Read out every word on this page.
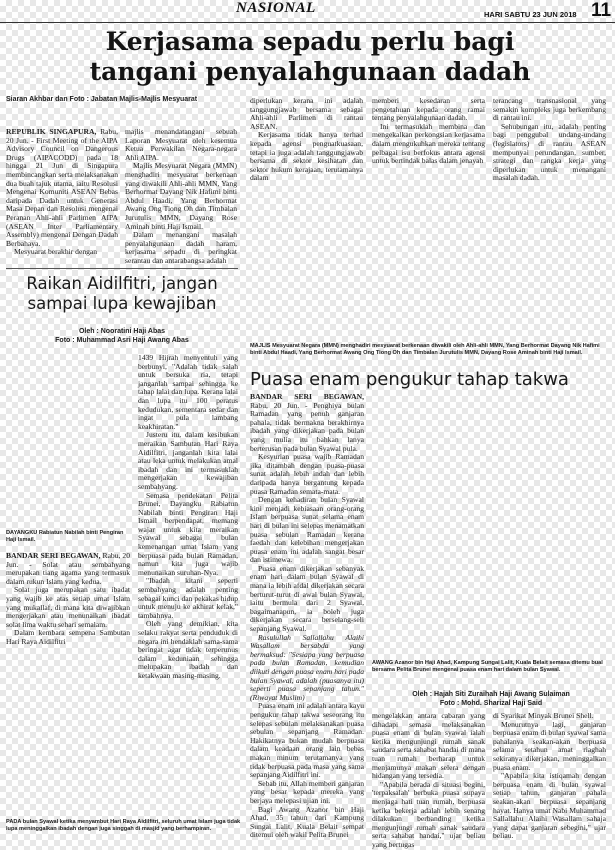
NASIONAL	HARI SABTU 23 JUN 2018 11
Kerjasama sepadu perlu bagi
tangani penyalahgunaan dadah
Siaran Akhbar dan Foto : Jabatan Majlis-Majlis Mesyuarat

REPUBLIK SINGAPURA, Rabu, 20 Jun. - First Meeting of the AIPA Advisory Council on Dangerous Drugs (AIPACODD) pada 18 hingga 21 Jun di Singapura membincangkan serta melaksanakan dua buah tajuk utama, iaitu Resolusi Mengenai Komuniti ASEAN Bebas daripada Dadah untuk Generasi Masa Depan dan Resolusi mengenai Peranan Ahli-ahli Parlimen AIPA (ASEAN Inter Parliamentary Assembly) mengenai Dengan Dadah Berbahaya.

Mesyuarat berakhir dengan

majlis menandatangani sebuah Laporan Mesyuarat oleh kesemua Ketua Perwakilan Negara-negara Ahli AIPA.

Majlis Mesyuarat Negara (MMN) menghadiri mesyuarat berkenaan yang diwakili Ahli-ahli MMN, Yang Berhormat Dayang Nik Hafimi binti Abdul Haadi, Yang Berhormat Awang Ong Tiong Oh dan Timbalan Jurutulis MMN, Dayang Rose Aminah binti Haji Ismail.

Dalam menangani masalah penyalahgunaan dadah haram, kerjasama sepadu di peringkat serantau dan antarabangsa adalah

diperlukan kerana ini adalah tanggungjawab bersama sebagai Ahli-ahli Parlimen di rantau ASEAN.

Kerjasama tidak hanya terhad kepada agensi penguatkuasaan, tetapi ia juga adalah tanggungjawab bersama di sektor kesihatan dan sektor hukum kerajaan, terutamanya dalam

memberi kesedaran serta pengetahuan kepada orang ramai tentang penyalahgunaan dadah.

Ini termasuklah membina dan mengekalkan perkongsian kerjasama dalam mengukuhkan mereka tentang pelbagai isu berfokus antara agensi untuk bertindak balas dalam jenayah

terancang transnasional yang semakin kompleks juga berkembang di rantau ini.

Sehubungan itu, adalah penting bagi penggubal undang-undang (legislators) di rantau ASEAN mempunyai perundangan, sumber, strategi dan rangka kerja yang diperlukan untuk menangani masalah dadah.

MAJLIS Mesyuarat Negara (MMN) menghadiri mesyuarat berkenaan diwakili oleh Ahli-ahli MMN, Yang Berhormat Dayang Nik Hafimi binti Abdul Haadi, Yang Berhormat Awang Ong Tiong Oh dan Timbalan Jurutulis MMN, Dayang Rose Aminah binti Haji Ismail.
Raikan Aidilfitri, jangan
sampai lupa kewajiban
Oleh : Nooratini Haji Abas
Foto : Muhammad Asri Haji Awang Abas
DAYANGKU Rabiatun Nabilah binti Pengiran Haji Ismail.

BANDAR SERI BEGAWAN, Rabu, 20 Jun. - Solat atau sembahyang merupakan tiang agama yang termasuk dalam rukun Islam yang kedua.

Solat juga merupakan satu ibadat yang wajib ke atas setiap umat Islam yang mukallaf, di mana kita diwajibkan mengerjakan atau menunaikan ibadat solat lima waktu sehari semalam.

Dalam kembara sempena Sambutan Hari Raya Aidilfitri

1439 Hijrah menyentuh yang berbunyi, "Adalah tidak salah untuk bersuka ria, tetapi janganlah sampai sehingga ke tahap lalai dan lupa. Kerana lalai dan lupa itu 100 peratus kedudukan, sementara sedar dan ingat pula lambang keakhiratan."

Justeru itu, dalam kesibukan meraikan Sambutan Hari Raya Aidilfitri, janganlah kita lalai atau leka untuk melakukan amal ibadah dan ini termasuklah mengerjakan kewajiban sembahyang.

Semasa pendekatan Pelita Brunei, Dayangku Rabiatun Nabilah binti Pengiran Haji Ismail berpendapat, memang wajar untuk kita meraikan Syawal sebagai bulan kemenangan umat Islam yang berpuasa pada bulan Ramadan, namun kita juga wajib menunaikan suruhan-Nya.

"Ibadah kitani seperti sembahyang adalah penting sebagai kunci dan pekakas hidup untuk menuju ke akhirat kelak," tambahnya.

Oleh yang demikian, kita selaku rakyat serta penduduk di negara ini hendaklah sama-sama beringat agar tidak terperunus dalam keduniaan sehingga melupakan ibadah dan ketakwaan masing-masing.

Puasa enam pengukur tahap takwa

BANDAR SERI BEGAWAN, Rabu, 20 Jun. - Penghiya bulan Ramadan yang penuh ganjaran pahala, tidak bermakna berakhirnya ibadah yang dikerjakan pada bulan yang mulia itu bahkan lanya berterusan pada bulan Syawal pula.

Kesyurian puasa wajib Ramadan jika ditambah dengan puasa-puasa sunat adalah lebih indah dan lebih daripada hanya bergantung kepada puasa Ramadan semata-mata.

Dengan kehadiran bulan Syawal kini menjadi kebiasaan orang-orang Islam berpuasa sunat selama enam hari di bulan ini selepas menamatkan puasa sebulan Ramadan kerana faedah dan kelebihan mengerjakan puasa enam ini adalah sangat besar dan istimewa.

Puasa enam dikerjakan sebanyak enam hari dalam bulan Syawal di mana ia lebih afdal dikerjakan secara berturut-turut di awal bulan Syawal, iaitu bermula dari 2 Syawal, bagaimanapun, ia boleh juga dikerjakan secara berselang-seli sepanjang Syawal.

Rasulullah Sallallahu Alaihi Wasallam bersabda yang bermaksud: "Sesiapa yang berpuasa pada bulan Ramadan, kemudian diikuti dengan puasa enam hari pada bulan Syawal, adalah (puasanya itu) seperti puasa sepanjang tahun." (Riwayat Muslim)

Puasa enam ini adalah antara kayu pengukur tahap takwa seseorang itu selepas sebulan melaksanakan puasa sebulan sepanjang Ramadan. Hakikatnya bukan mudah berpuasa dalam keadaan orang lain bebas makan minum terutamanya yang tidak berpuasa pada masa yang sama sepanjang Aidilfitri ini.

Sebab itu, Allah memberi ganjaran yang besar kepada mereka yang berjaya melepasi ujian ini.

Bagi Awang Azanor bin Haji Ahad, 35 tahun dari Kampung Sungai Lalit, Kuala Belait sempat ditemui oleh wakil Pelita Brunei

AWANG Azanor bin Haji Ahad, Kampung Sungai Lalit, Kuala Belait semasa ditemu bual bersama Pelita Brunei mengenai puasa enam hari dalam bulan Syawal.
Oleh : Hajah Siti Zuraihah Haji Awang Sulaiman
Foto : Mohd. Sharizal Haji Said

mengelakkan antara cabaran yang dihadapi semasa melaksanakan puasa enam di bulan syawal ialah ketika mengunjungi rumah sanak saudara serta sahabat handai di mana tuan rumah berharap untuk menjamunya makan selera dengan hidangan yang tersedia.

"Apabila berada di situasi begini, 'terpaksalah' berbuka puasa supaya menjaga hati tuan rumah, berpuasa ketika bekerja adalah lebih senang dilakukan berbanding ketika mengunjungi rumah sanak saudara serta sahabat handai," ujar beliau yang bertugas

di Syarikat Minyak Brunei Shell.

Menurutnya lagi, ganjaran berpuasa enam di bulan syawal sama pahalanya seakan-akan berpuasa selama setahun amat riaghah sekiranya dikerjakan, meninggalkan puasa enam.

"Apabila kita istiqamah dengan berpuasa enam di bulan syawal setiap tahun, ganjaran pahala seakan-akan berpuasa sepanjang hayat. Hanya umat Nabi Muhammad Sallallahu Alaihi Wasallam sahaja yang dapat ganjaran sebegini," ujar beliau.

PADA bulan Syawal ketika menyambut Hari Raya Aidilfitri, seluruh umat Islam juga tidak lupa meninggalkan ibadah dengan juga singgah di masjid yang berhampiran.
